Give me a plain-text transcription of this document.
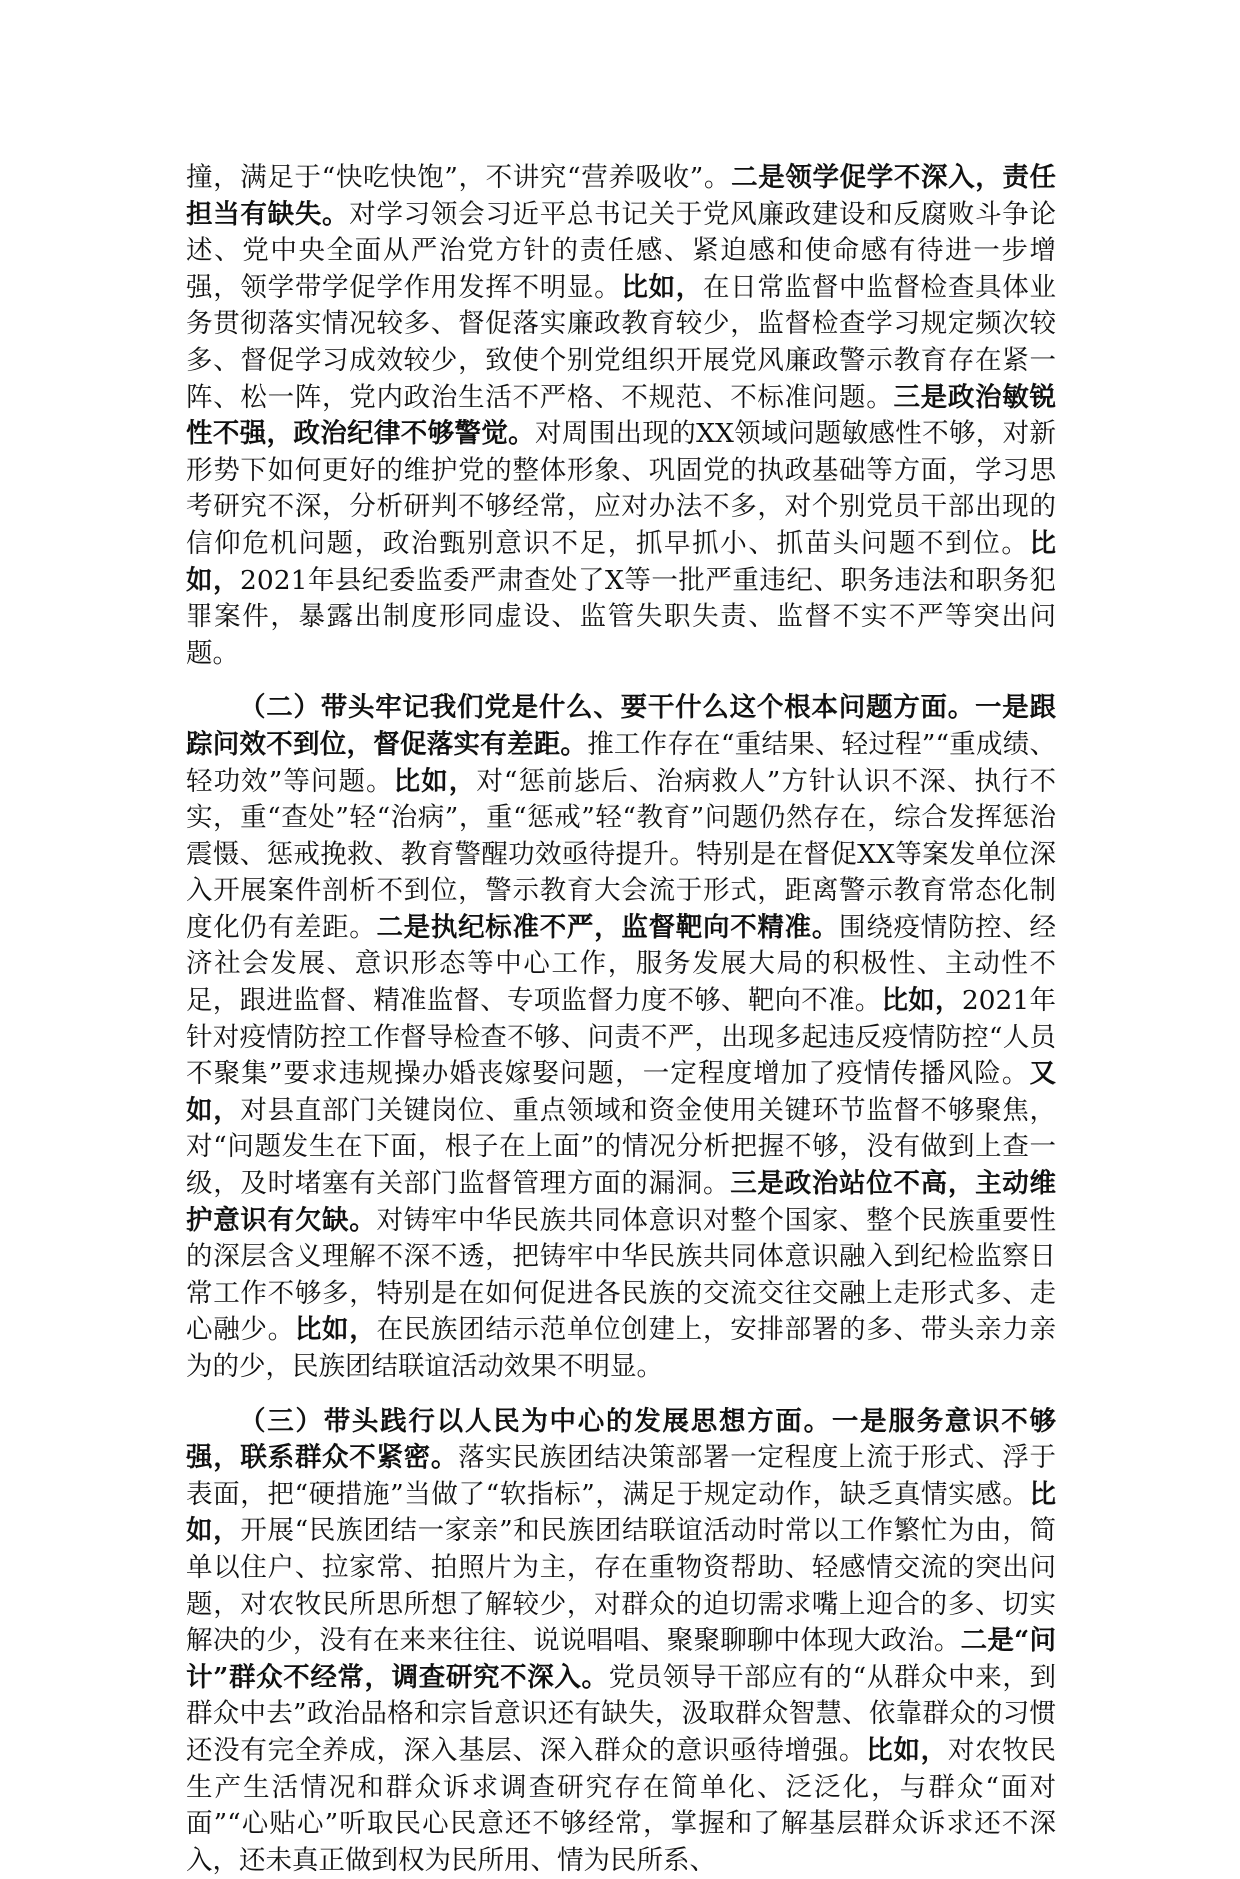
撞，满足于“快吃快饱”，不讲究“营养吸收”。二是领学促学不深入，责任担当有缺失。对学习领会习近平总书记关于党风廉政建设和反腐败斗争论述、党中央全面从严治党方针的责任感、紧迫感和使命感有待进一步增强，领学带学促学作用发挥不明显。比如，在日常监督中监督检查具体业务贯彻落实情况较多、督促落实廉政教育较少，监督检查学习规定频次较多、督促学习成效较少，致使个别党组织开展党风廉政警示教育存在紧一阵、松一阵，党内政治生活不严格、不规范、不标准问题。三是政治敏锐性不强，政治纪律不够警觉。对周围出现的XX领域问题敏感性不够，对新形势下如何更好的维护党的整体形象、巩固党的执政基础等方面，学习思考研究不深，分析研判不够经常，应对办法不多，对个别党员干部出现的信仰危机问题，政治甄别意识不足，抓早抓小、抓苗头问题不到位。比如，2021年县纪委监委严肃查处了X等一批严重违纪、职务违法和职务犯罪案件，暴露出制度形同虚设、监管失职失责、监督不实不严等突出问题。

（二）带头牢记我们党是什么、要干什么这个根本问题方面。一是跟踪问效不到位，督促落实有差距。推工作存在“重结果、轻过程”“重成绩、轻功效”等问题。比如，对“惩前毖后、治病救人”方针认识不深、执行不实，重“查处”轻“治病”，重“惩戒”轻“教育”问题仍然存在，综合发挥惩治震慑、惩戒挽救、教育警醒功效亟待提升。特别是在督促XX等案发单位深入开展案件剖析不到位，警示教育大会流于形式，距离警示教育常态化制度化仍有差距。二是执纪标准不严，监督靶向不精准。围绕疫情防控、经济社会发展、意识形态等中心工作，服务发展大局的积极性、主动性不足，跟进监督、精准监督、专项监督力度不够、靶向不准。比如，2021年针对疫情防控工作督导检查不够、问责不严，出现多起违反疫情防控“人员不聚集”要求违规操办婚丧嫁娶问题，一定程度增加了疫情传播风险。又如，对县直部门关键岗位、重点领域和资金使用关键环节监督不够聚焦，对“问题发生在下面，根子在上面”的情况分析把握不够，没有做到上查一级，及时堵塞有关部门监督管理方面的漏洞。三是政治站位不高，主动维护意识有欠缺。对铸牢中华民族共同体意识对整个国家、整个民族重要性的深层含义理解不深不透，把铸牢中华民族共同体意识融入到纪检监察日常工作不够多，特别是在如何促进各民族的交流交往交融上走形式多、走心融少。比如，在民族团结示范单位创建上，安排部署的多、带头亲力亲为的少，民族团结联谊活动效果不明显。

（三）带头践行以人民为中心的发展思想方面。一是服务意识不够强，联系群众不紧密。落实民族团结决策部署一定程度上流于形式、浮于表面，把“硬措施”当做了“软指标”，满足于规定动作，缺乏真情实感。比如，开展“民族团结一家亲”和民族团结联谊活动时常以工作繁忙为由，简单以住户、拉家常、拍照片为主，存在重物资帮助、轻感情交流的突出问题，对农牧民所思所想了解较少，对群众的迫切需求嘴上迎合的多、切实解决的少，没有在来来往往、说说唱唱、聚聚聊聊中体现大政治。二是“问计”群众不经常，调查研究不深入。党员领导干部应有的“从群众中来，到群众中去”政治品格和宗旨意识还有缺失，汲取群众智慧、依靠群众的习惯还没有完全养成，深入基层、深入群众的意识亟待增强。比如，对农牧民生产生活情况和群众诉求调查研究存在简单化、泛泛化，与群众“面对面”“心贴心”听取民心民意还不够经常，掌握和了解基层群众诉求还不深入，还未真正做到权为民所用、情为民所系、
